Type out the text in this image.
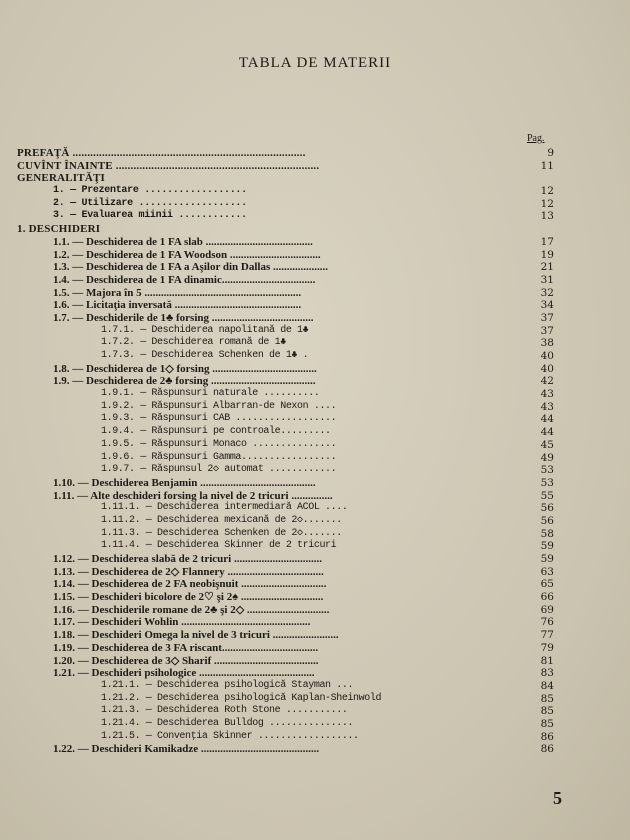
TABLA DE MATERII
Pag.
PREFAŢĂ ...............................................................................	9
CUVÎNT ÎNAINTE .....................................................................	11
GENERALITĂŢI
1. — Prezentare ..................	12
2. — Utilizare ...................	12
3. — Evaluarea miinii ............	13
1. DESCHIDERI
1.1. — Deschiderea de 1 FA slab .......................................	17
1.2. — Deschiderea de 1 FA Woodson .................................	19
1.3. — Deschiderea de 1 FA a Aşilor din Dallas ....................	21
1.4. — Deschiderea de 1 FA dinamic..................................	31
1.5. — Majora în 5 .........................................................	32
1.6. — Licitaţia inversată ..............................................	34
1.7. — Deschiderile de 1♣ forsing .....................................	37
1.7.1. — Deschiderea napolitană de 1♣	37
1.7.2. — Deschiderea romană de 1♣	38
1.7.3. — Deschiderea Schenken de 1♣ .	40
1.8. — Deschiderea de 1◇ forsing ......................................	40
1.9. — Deschiderea de 2♣ forsing ......................................	42
1.9.1. — Răspunsuri naturale ..........	43
1.9.2. — Răspunsuri Albarran-de Nexon ....	43
1.9.3. — Răspunsuri CAB ..................	44
1.9.4. — Răspunsuri pe controale.........	44
1.9.5. — Răspunsuri Monaco ...............	45
1.9.6. — Răspunsuri Gamma.................	49
1.9.7. — Răspunsul 2◇ automat ............	53
1.10. — Deschiderea Benjamin ..........................................	53
1.11. — Alte deschideri forsing la nivel de 2 tricuri ...............	55
1.11.1. — Deschiderea intermediară ACOL ....	56
1.11.2. — Deschiderea mexicană de 2◇.......	56
1.11.3. — Deschiderea Schenken de 2◇.......	58
1.11.4. — Deschiderea Skinner de 2 tricuri	59
1.12. — Deschiderea slabă de 2 tricuri ................................	59
1.13. — Deschiderea de 2◇ Flannery ...................................	63
1.14. — Deschiderea de 2 FA neobişnuit ...............................	65
1.15. — Deschideri bicolore de 2♡ şi 2♠ ..............................	66
1.16. — Deschiderile romane de 2♣ şi 2◇ ..............................	69
1.17. — Deschideri Wohlin ...............................................	76
1.18. — Deschideri Omega la nivel de 3 tricuri ........................	77
1.19. — Deschiderea de 3 FA riscant...................................	79
1.20. — Deschiderea de 3◇ Sharif ......................................	81
1.21. — Deschideri psihologice ..........................................	83
1.21.1. — Deschiderea psihologică Stayman ...	84
1.21.2. — Deschiderea psihologică Kaplan-Sheinwold	85
1.21.3. — Deschiderea Roth Stone ...........	85
1.21.4. — Deschiderea Bulldog ...............	85
1.21.5. — Convenţia Skinner ..................	86
1.22. — Deschideri Kamikadze ...........................................	86
5
